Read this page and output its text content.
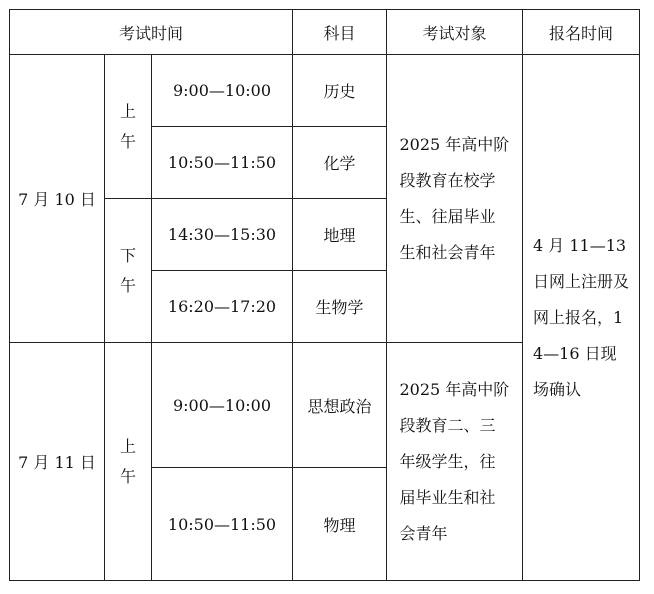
考试时间			科目	考试对象	报名时间
7 月 10 日	上午	9:00—10:00	历史	2025 年高中阶段教育在校学生、往届毕业生和社会青年	4 月 11—13 日网上注册及网上报名，14—16 日现场确认
		10:50—11:50	化学		
	下午	14:30—15:30	地理		
		16:20—17:20	生物学		
7 月 11 日	上午	9:00—10:00	思想政治	2025 年高中阶段教育二、三年级学生，往届毕业生和社会青年	
		10:50—11:50	物理		
